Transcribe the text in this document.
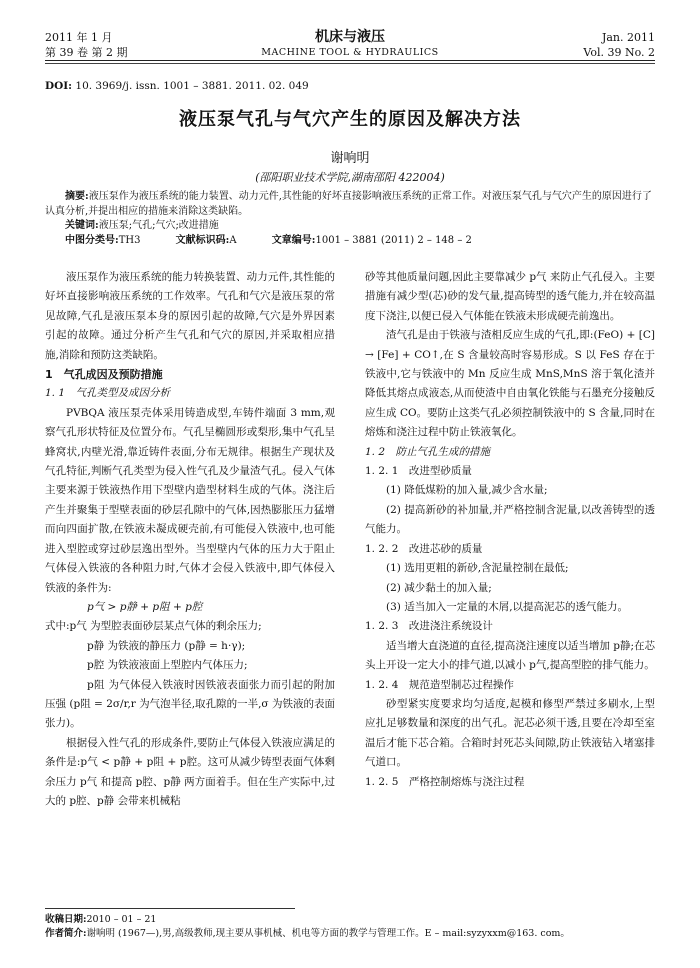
2011 年 1 月
第 39 卷 第 2 期
机床与液压
MACHINE TOOL & HYDRAULICS
Jan. 2011
Vol. 39 No. 2
DOI: 10. 3969/j. issn. 1001 – 3881. 2011. 02. 049
液压泵气孔与气穴产生的原因及解决方法
谢响明
(邵阳职业技术学院,湖南邵阳 422004)

摘要:液压泵作为液压系统的能力装置、动力元件,其性能的好坏直接影响液压系统的正常工作。对液压泵气孔与气穴产生的原因进行了认真分析,并提出相应的措施来消除这类缺陷。

关键词:液压泵;气孔;气穴;改进措施
中图分类号:TH3	文献标识码:A	文章编号:1001 – 3881 (2011) 2 – 148 – 2

液压泵作为液压系统的能力转换装置、动力元件,其性能的好坏直接影响液压系统的工作效率。气孔和气穴是液压泵的常见故障,气孔是液压泵本身的原因引起的故障,气穴是外界因素引起的故障。通过分析产生气孔和气穴的原因,并采取相应措施,消除和预防这类缺陷。

1　气孔成因及预防措施
1. 1　气孔类型及成因分析

PVBQA 液压泵壳体采用铸造成型,车铸件端面 3 mm,观察气孔形状特征及位置分布。气孔呈椭圆形或梨形,集中气孔呈蜂窝状,内壁光滑,靠近铸件表面,分布无规律。根据生产现状及气孔特征,判断气孔类型为侵入性气孔及少量渣气孔。侵入气体主要来源于铁液热作用下型壁内造型材料生成的气体。浇注后产生并聚集于型壁表面的砂层孔隙中的气体,因热膨胀压力猛增而向四面扩散,在铁液未凝成硬壳前,有可能侵入铁液中,也可能进入型腔或穿过砂层逸出型外。当型壁内气体的压力大于阻止气体侵入铁液的各种阻力时,气体才会侵入铁液中,即气体侵入铁液的条件为:

p气 > p静 + p阻 + p腔
式中:p气 为型腔表面砂层某点气体的剩余压力;
p静 为铁液的静压力 (p静 = h·γ);
p腔 为铁液液面上型腔内气体压力;

p阻 为气体侵入铁液时因铁液表面张力而引起的附加压强 (p阻 = 2σ/r,r 为气泡半径,取孔隙的一半,σ 为铁液的表面张力)。

根据侵入性气孔的形成条件,要防止气体侵入铁液应满足的条件是:p气 < p静 + p阻 + p腔。这可从减少铸型表面气体剩余压力 p气 和提高 p腔、p静 两方面着手。但在生产实际中,过大的 p腔、p静 会带来机械粘

砂等其他质量问题,因此主要靠减少 p气 来防止气孔侵入。主要措施有减少型(芯)砂的发气量,提高铸型的透气能力,并在较高温度下浇注,以便已侵入气体能在铁液未形成硬壳前逸出。

渣气孔是由于铁液与渣相反应生成的气孔,即:(FeO) + [C] → [Fe] + CO↑,在 S 含量较高时容易形成。S 以 FeS 存在于铁液中,它与铁液中的 Mn 反应生成 MnS,MnS 溶于氧化渣并降低其熔点成液态,从而使渣中自由氧化铁能与石墨充分接触反应生成 CO。要防止这类气孔必须控制铁液中的 S 含量,同时在熔炼和浇注过程中防止铁液氧化。

1. 2　防止气孔生成的措施
1. 2. 1　改进型砂质量
(1) 降低煤粉的加入量,减少含水量;

(2) 提高新砂的补加量,并严格控制含泥量,以改善铸型的透气能力。

1. 2. 2　改进芯砂的质量
(1) 选用更粗的新砂,含泥量控制在最低;
(2) 减少黏土的加入量;

(3) 适当加入一定量的木屑,以提高泥芯的透气能力。

1. 2. 3　改进浇注系统设计

适当增大直浇道的直径,提高浇注速度以适当增加 p静;在芯头上开设一定大小的排气道,以减小 p气,提高型腔的排气能力。

1. 2. 4　规范造型制芯过程操作

砂型紧实度要求均匀适度,起模和修型严禁过多刷水,上型应扎足够数量和深度的出气孔。泥芯必须干透,且要在冷却至室温后才能下芯合箱。合箱时封死芯头间隙,防止铁液钻入堵塞排气道口。

1. 2. 5　严格控制熔炼与浇注过程
收稿日期:2010 – 01 – 21
作者简介:谢响明 (1967—),男,高级教师,现主要从事机械、机电等方面的教学与管理工作。E – mail:syzyxxm@163. com。
